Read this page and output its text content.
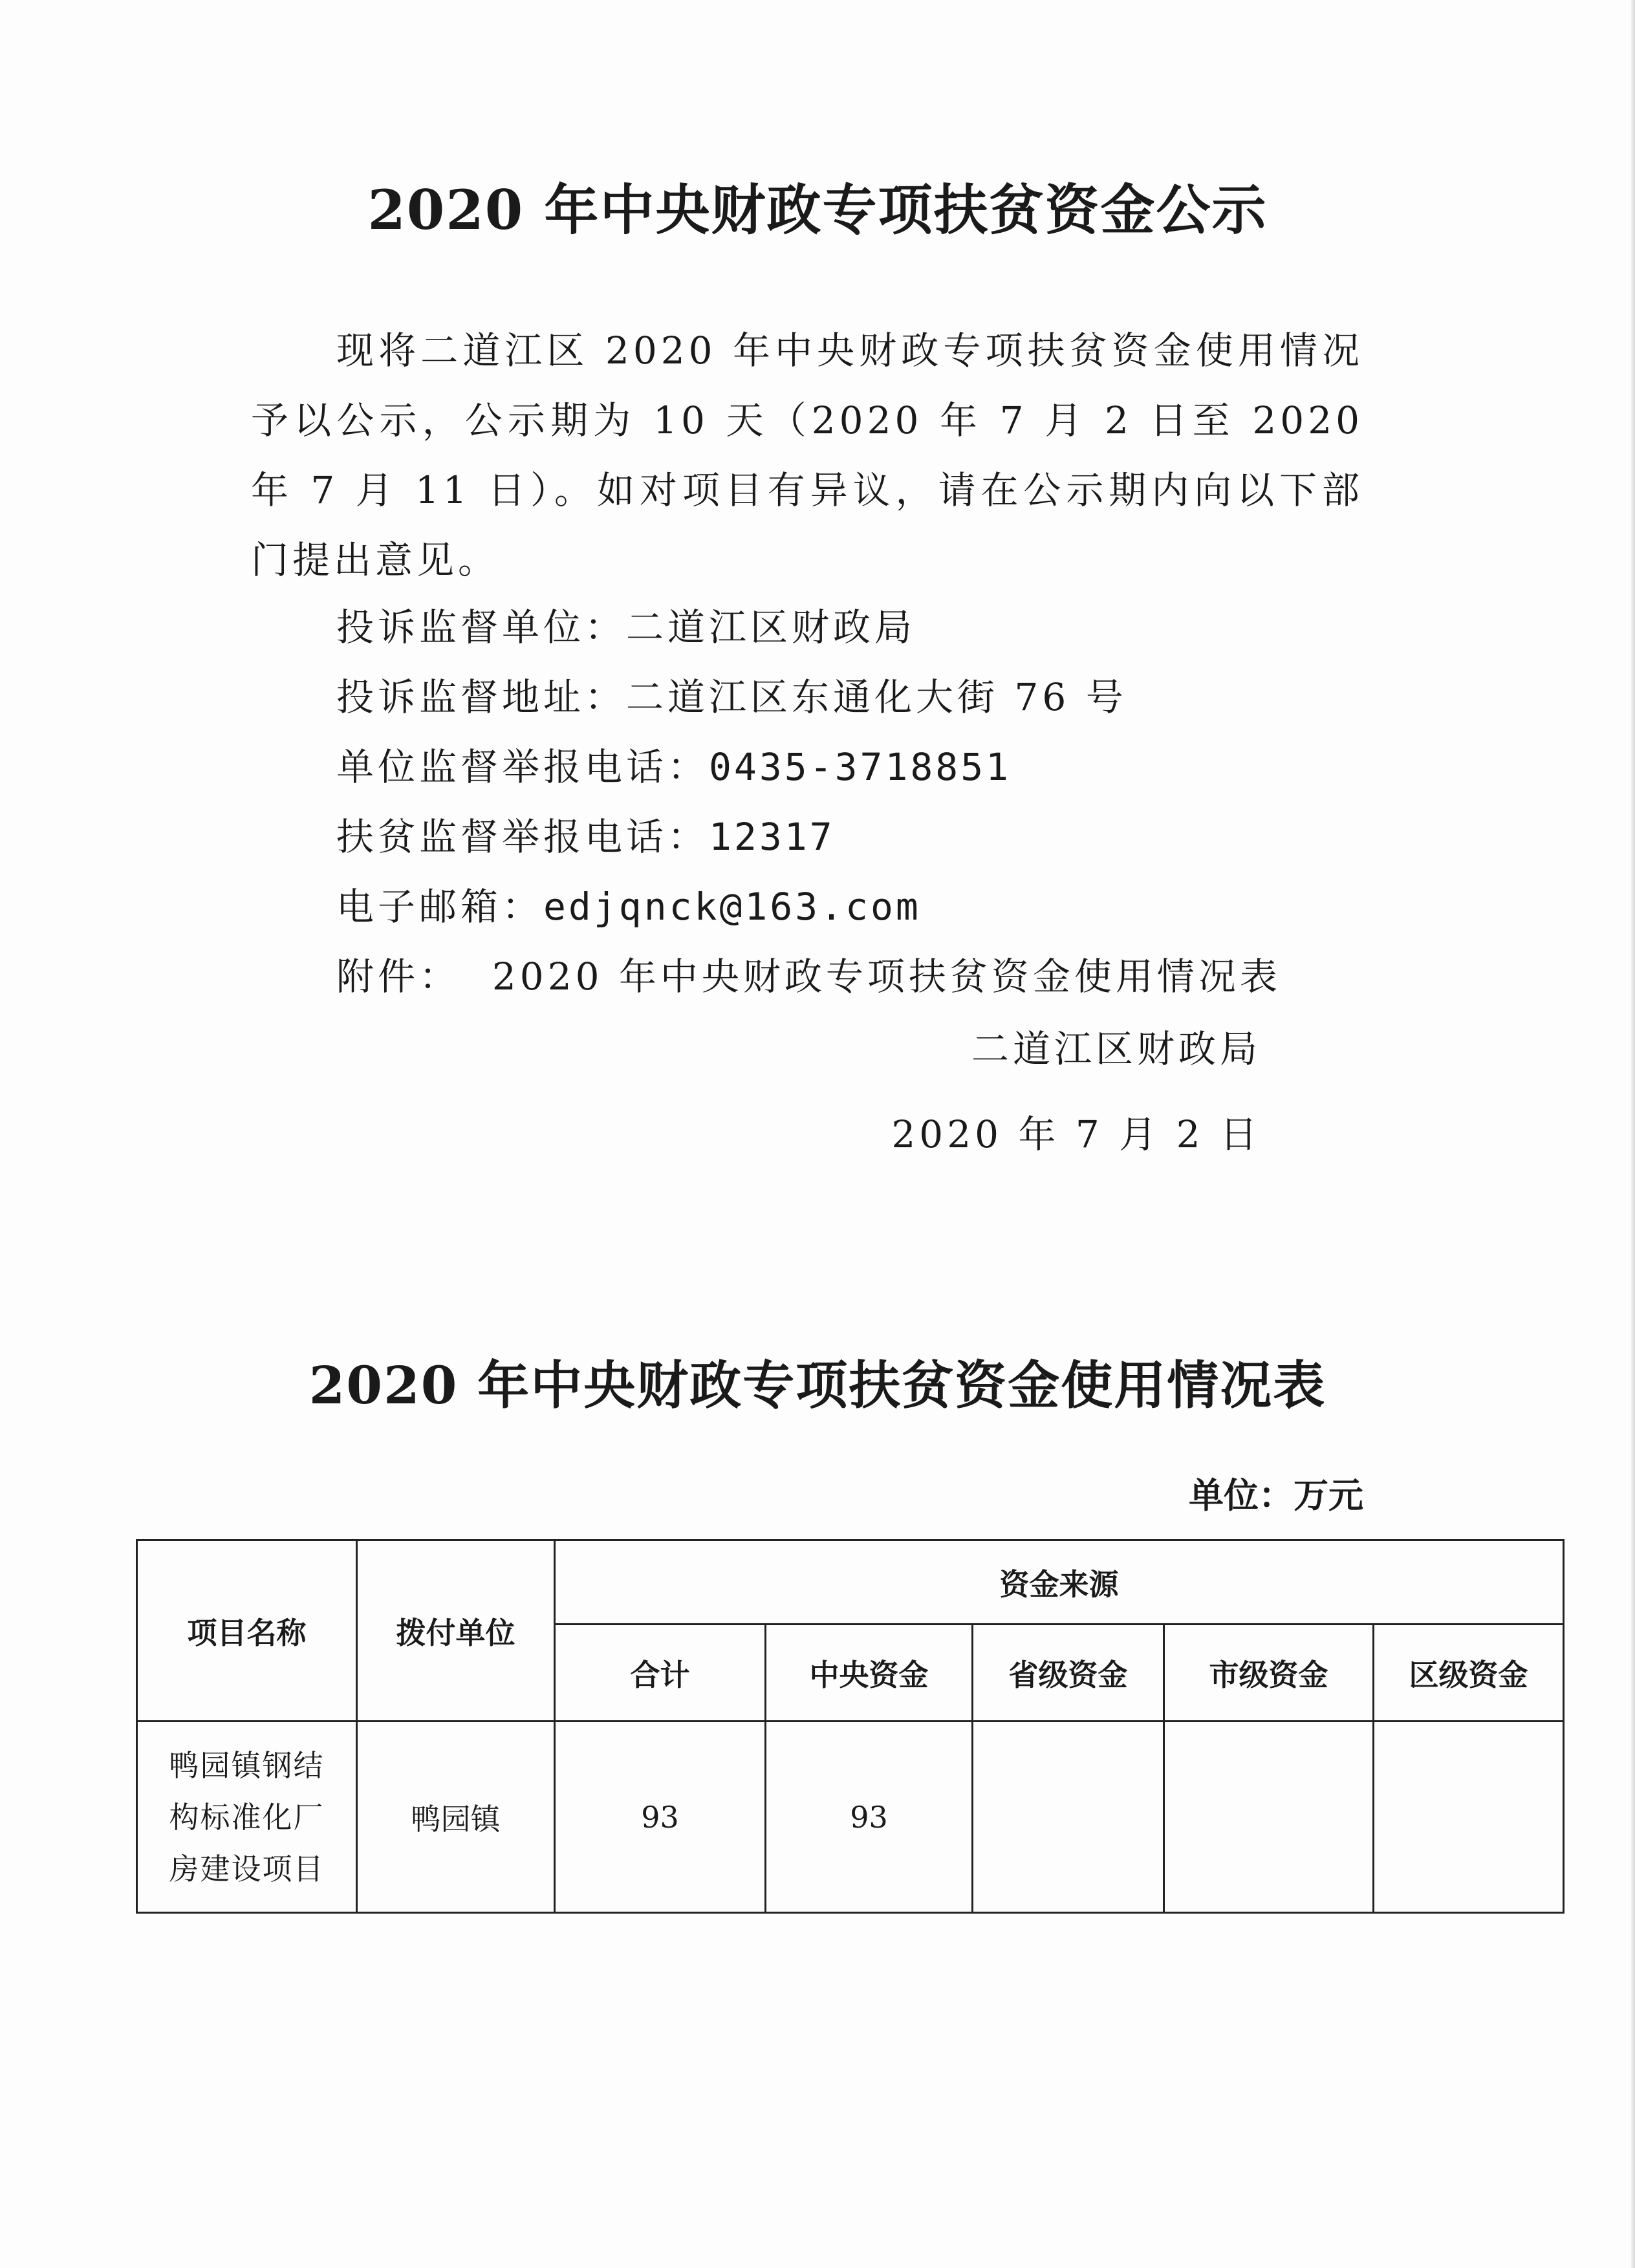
2020 年中央财政专项扶贫资金公示
现将二道江区 2020 年中央财政专项扶贫资金使用情况予以公示，公示期为 10 天（2020 年 7 月 2 日至 2020 年 7 月 11 日）。如对项目有异议，请在公示期内向以下部门提出意见。
投诉监督单位：二道江区财政局
投诉监督地址：二道江区东通化大街 76 号
单位监督举报电话：0435-3718851
扶贫监督举报电话：12317
电子邮箱：edjqnck@163.com
附件： 2020 年中央财政专项扶贫资金使用情况表
二道江区财政局
2020 年 7 月 2 日
2020 年中央财政专项扶贫资金使用情况表
单位：万元
项目名称	拨付单位	资金来源				
		合计	中央资金	省级资金	市级资金	区级资金

鸭园镇钢结
构标准化厂
房建设项目	鸭园镇	93	93			
